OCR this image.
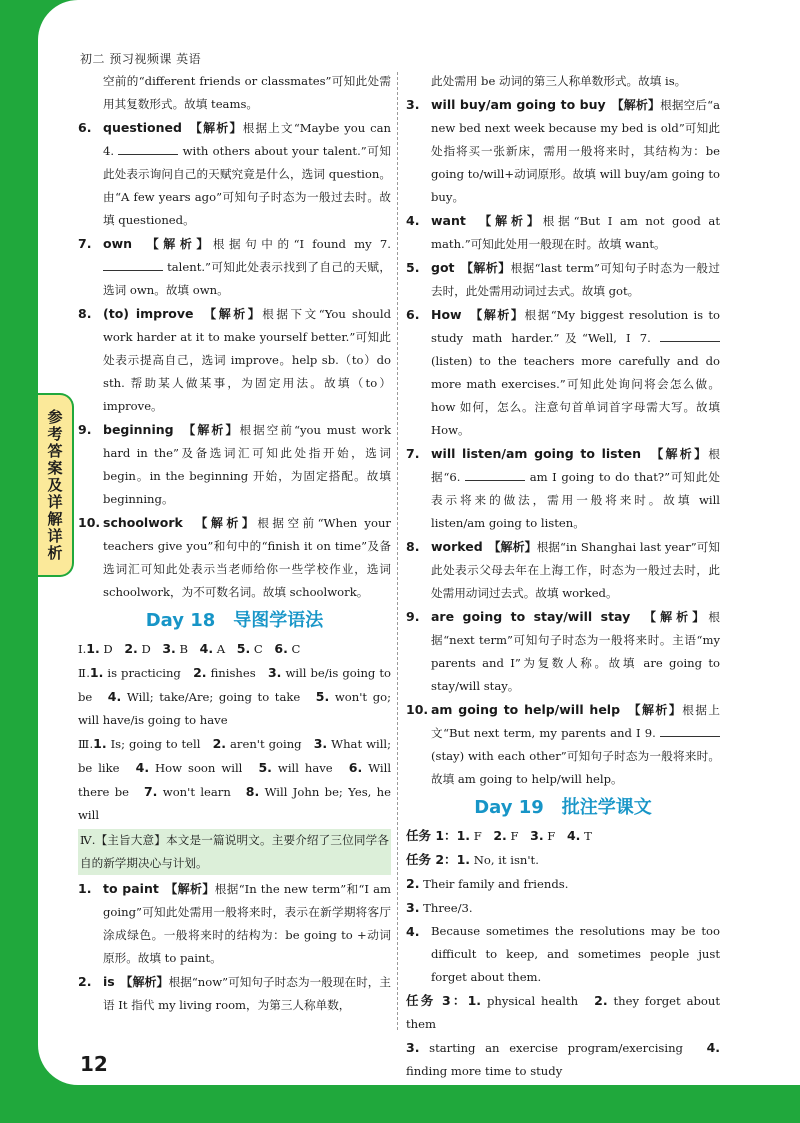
初二 预习视频课 英语
参考答案及详解详析
空前的“different friends or classmates”可知此处需用其复数形式。故填 teams。
6. questioned　 【解析】根据上文“Maybe you can 4.	with others about your talent.”可知此处表示询问自己的天赋究竟是什么，选词 question。由“A few years ago”可知句子时态为一般过去时。故填 questioned。
7. own　 【解析】根据句中的“I found my 7.  talent.”可知此处表示找到了自己的天赋，选词 own。故填 own。
8. (to) improve　 【解析】根据下文“You should work harder at it to make yourself better.”可知此处表示提高自己，选词 improve。help sb.（to）do sth. 帮助某人做某事，为固定用法。故填（to）improve。
9. beginning　 【解析】根据空前“you must work hard in the”及备选词汇可知此处指开始，选词 begin。in the beginning 开始，为固定搭配。故填 beginning。
10. schoolwork　 【解析】根据空前“When your teachers give you”和句中的“finish it on time”及备选词汇可知此处表示当老师给你一些学校作业，选词 schoolwork，为不可数名词。故填 schoolwork。
Day 18　导图学语法
Ⅰ.1. D　 2. D　 3. B　 4. A　 5. C　 6. C
Ⅱ.1. is practicing　 2. finishes　 3. will be/is going to be　 4. Will; take/Are; going to take　 5. won't go; will have/is going to have
Ⅲ.1. Is; going to tell　 2. aren't going　 3. What will; be like　 4. How soon will　 5. will have　 6. Will there be　 7. won't learn　 8. Will John be; Yes, he will
Ⅳ.【主旨大意】本文是一篇说明文。主要介绍了三位同学各自的新学期决心与计划。
1. to paint　 【解析】根据“In the new term”和“I am going”可知此处需用一般将来时，表示在新学期将客厅涂成绿色。一般将来时的结构为：be going to +动词原形。故填 to paint。
2. is　 【解析】根据“now”可知句子时态为一般现在时，主语 It 指代 my living room，为第三人称单数，
此处需用 be 动词的第三人称单数形式。故填 is。
3. will buy/am going to buy　 【解析】根据空后“a new bed next week because my bed is old”可知此处指将买一张新床，需用一般将来时，其结构为：be going to/will+动词原形。故填 will buy/am going to buy。
4. want　 【解析】根据“But I am not good at math.”可知此处用一般现在时。故填 want。
5. got　 【解析】根据“last term”可知句子时态为一般过去时，此处需用动词过去式。故填 got。
6. How　 【解析】根据“My biggest resolution is to study math harder.”及“Well, I 7.  (listen) to the teachers more carefully and do more math exercises.”可知此处询问将会怎么做。how 如何，怎么。注意句首单词首字母需大写。故填 How。
7. will listen/am going to listen　 【解析】根据“6.	am I going to do that?”可知此处表示将来的做法，需用一般将来时。故填 will listen/am going to listen。
8. worked　 【解析】根据“in Shanghai last year”可知此处表示父母去年在上海工作，时态为一般过去时，此处需用动词过去式。故填 worked。
9. are going to stay/will stay　 【解析】根据“next term”可知句子时态为一般将来时。主语“my parents and I”为复数人称。故填 are going to stay/will stay。
10. am going to help/will help　 【解析】根据上文“But next term, my parents and I 9.  (stay) with each other”可知句子时态为一般将来时。故填 am going to help/will help。
Day 19　批注学课文
任务 1：1. F　 2. F　 3. F　 4. T
任务 2：1. No, it isn't.
2. Their family and friends.
3. Three/3.
4. Because sometimes the resolutions may be too difficult to keep, and sometimes people just forget about them.
任务 3：1. physical health　 2. they forget about them
3. starting an exercise program/exercising　 4. finding more time to study
12
